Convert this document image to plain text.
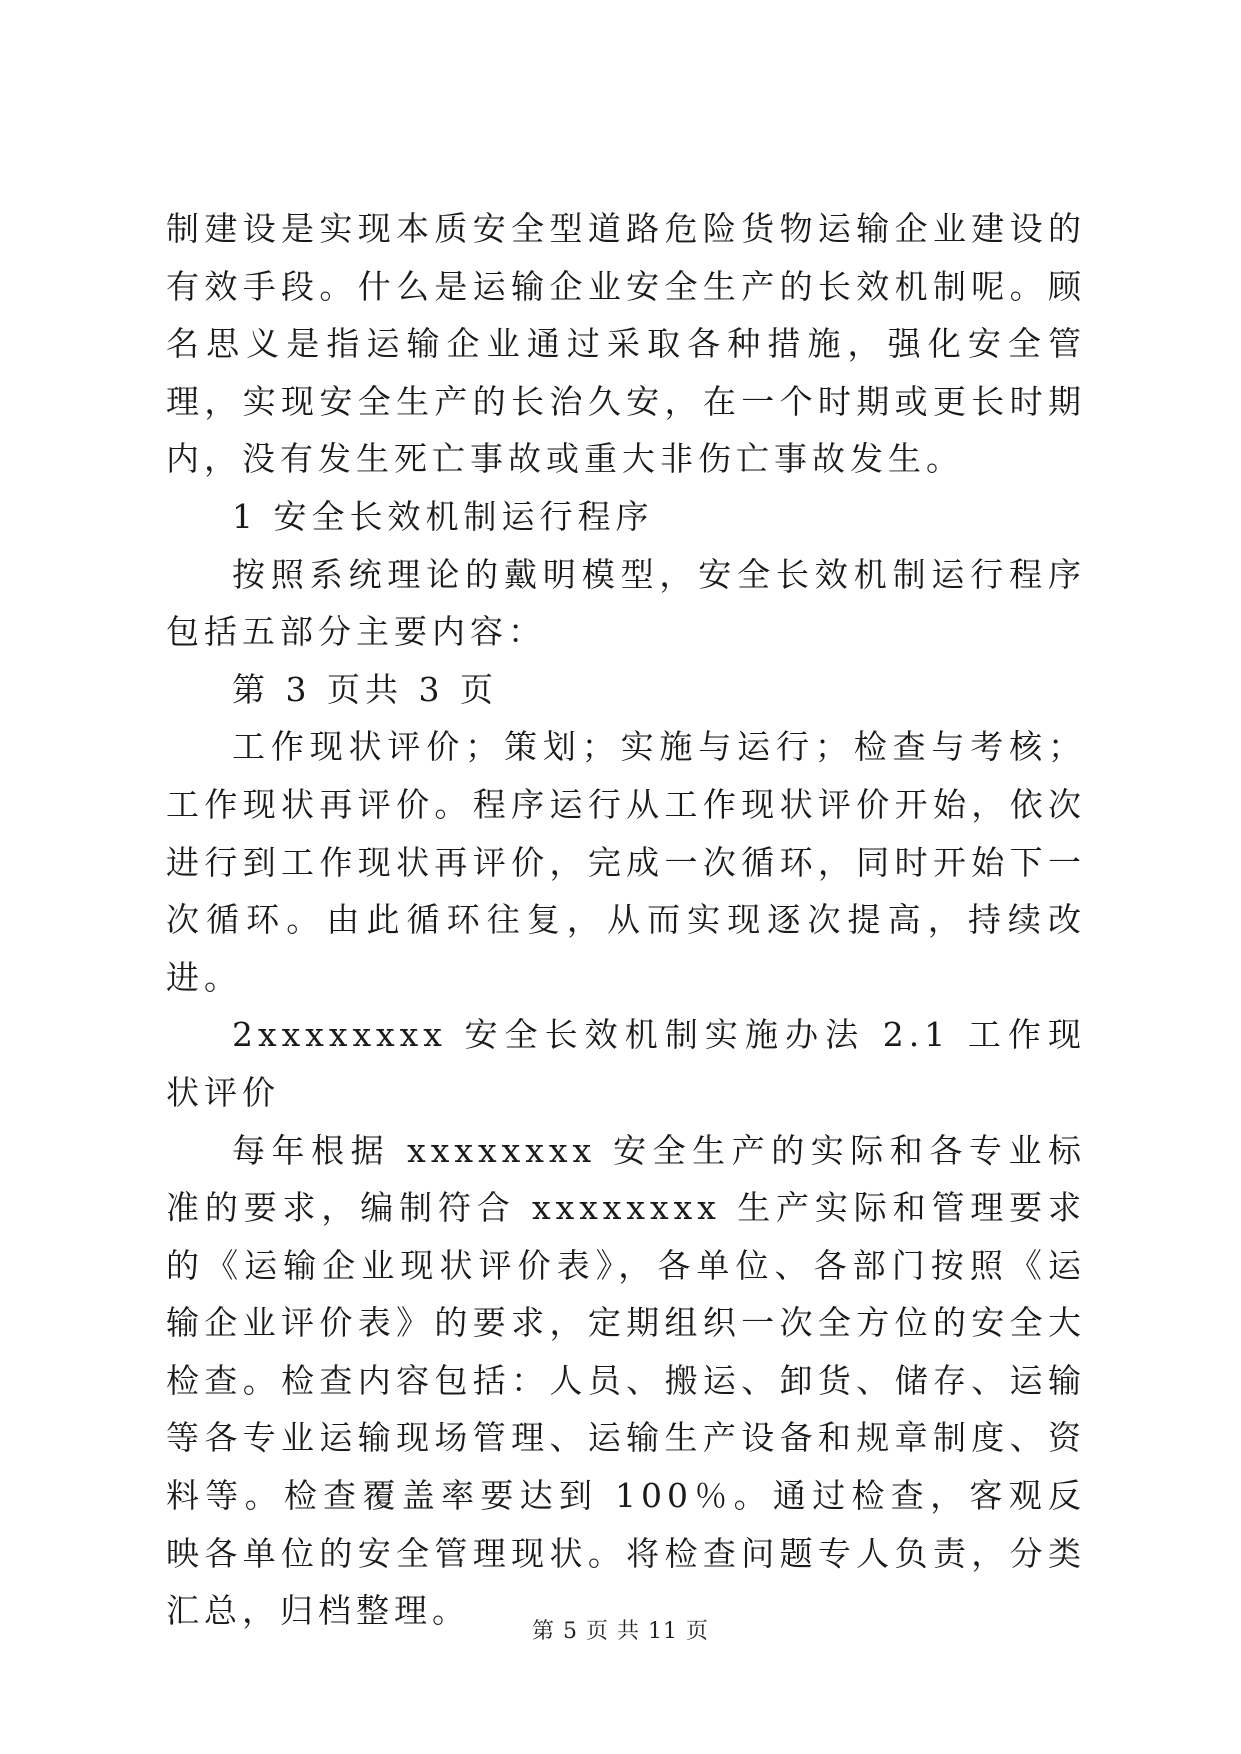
制建设是实现本质安全型道路危险货物运输企业建设的有效手段。什么是运输企业安全生产的长效机制呢。顾名思义是指运输企业通过采取各种措施，强化安全管理，实现安全生产的长治久安，在一个时期或更长时期内，没有发生死亡事故或重大非伤亡事故发生。

1 安全长效机制运行程序

按照系统理论的戴明模型，安全长效机制运行程序包括五部分主要内容：

第 3 页共 3 页

工作现状评价；策划；实施与运行；检查与考核；工作现状再评价。程序运行从工作现状评价开始，依次进行到工作现状再评价，完成一次循环，同时开始下一次循环。由此循环往复，从而实现逐次提高，持续改进。

2xxxxxxxx 安全长效机制实施办法 2.1 工作现状评价

每年根据 xxxxxxxx 安全生产的实际和各专业标准的要求，编制符合 xxxxxxxx 生产实际和管理要求的《运输企业现状评价表》，各单位、各部门按照《运输企业评价表》的要求，定期组织一次全方位的安全大检查。检查内容包括：人员、搬运、卸货、储存、运输等各专业运输现场管理、运输生产设备和规章制度、资料等。检查覆盖率要达到 100％。通过检查，客观反映各单位的安全管理现状。将检查问题专人负责，分类汇总，归档整理。

第 5 页 共 11 页
